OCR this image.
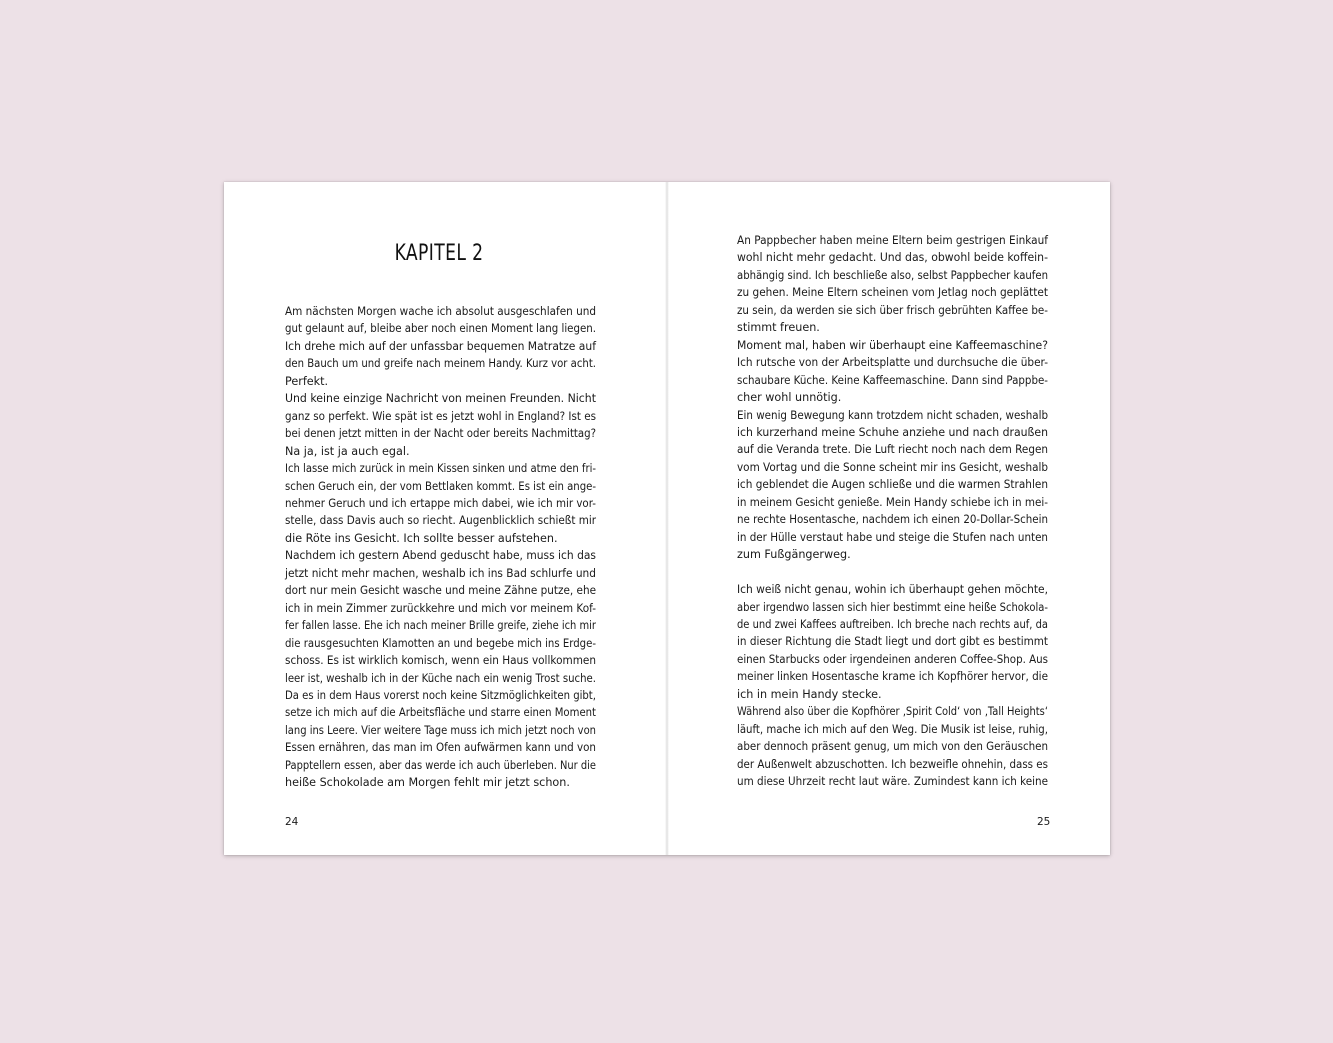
KAPITEL 2

Am nächsten Morgen wache ich absolut ausgeschlafen und

gut gelaunt auf, bleibe aber noch einen Moment lang liegen.

Ich drehe mich auf der unfassbar bequemen Matratze auf

den Bauch um und greife nach meinem Handy. Kurz vor acht.

Perfekt.

Und keine einzige Nachricht von meinen Freunden. Nicht

ganz so perfekt. Wie spät ist es jetzt wohl in England? Ist es

bei denen jetzt mitten in der Nacht oder bereits Nachmittag?

Na ja, ist ja auch egal.

Ich lasse mich zurück in mein Kissen sinken und atme den fri-

schen Geruch ein, der vom Bettlaken kommt. Es ist ein ange-

nehmer Geruch und ich ertappe mich dabei, wie ich mir vor-

stelle, dass Davis auch so riecht. Augenblicklich schießt mir

die Röte ins Gesicht. Ich sollte besser aufstehen.

Nachdem ich gestern Abend geduscht habe, muss ich das

jetzt nicht mehr machen, weshalb ich ins Bad schlurfe und

dort nur mein Gesicht wasche und meine Zähne putze, ehe

ich in mein Zimmer zurückkehre und mich vor meinem Kof-

fer fallen lasse. Ehe ich nach meiner Brille greife, ziehe ich mir

die rausgesuchten Klamotten an und begebe mich ins Erdge-

schoss. Es ist wirklich komisch, wenn ein Haus vollkommen

leer ist, weshalb ich in der Küche nach ein wenig Trost suche.

Da es in dem Haus vorerst noch keine Sitzmöglichkeiten gibt,

setze ich mich auf die Arbeitsfläche und starre einen Moment

lang ins Leere. Vier weitere Tage muss ich mich jetzt noch von

Essen ernähren, das man im Ofen aufwärmen kann und von

Papptellern essen, aber das werde ich auch überleben. Nur die

heiße Schokolade am Morgen fehlt mir jetzt schon.

24

An Pappbecher haben meine Eltern beim gestrigen Einkauf

wohl nicht mehr gedacht. Und das, obwohl beide koffein-

abhängig sind. Ich beschließe also, selbst Pappbecher kaufen

zu gehen. Meine Eltern scheinen vom Jetlag noch geplättet

zu sein, da werden sie sich über frisch gebrühten Kaffee be-

stimmt freuen.

Moment mal, haben wir überhaupt eine Kaffeemaschine?

Ich rutsche von der Arbeitsplatte und durchsuche die über-

schaubare Küche. Keine Kaffeemaschine. Dann sind Pappbe-

cher wohl unnötig.

Ein wenig Bewegung kann trotzdem nicht schaden, weshalb

ich kurzerhand meine Schuhe anziehe und nach draußen

auf die Veranda trete. Die Luft riecht noch nach dem Regen

vom Vortag und die Sonne scheint mir ins Gesicht, weshalb

ich geblendet die Augen schließe und die warmen Strahlen

in meinem Gesicht genieße. Mein Handy schiebe ich in mei-

ne rechte Hosentasche, nachdem ich einen 20-Dollar-Schein

in der Hülle verstaut habe und steige die Stufen nach unten

zum Fußgängerweg.

Ich weiß nicht genau, wohin ich überhaupt gehen möchte,

aber irgendwo lassen sich hier bestimmt eine heiße Schokola-

de und zwei Kaffees auftreiben. Ich breche nach rechts auf, da

in dieser Richtung die Stadt liegt und dort gibt es bestimmt

einen Starbucks oder irgendeinen anderen Coffee-Shop. Aus

meiner linken Hosentasche krame ich Kopfhörer hervor, die

ich in mein Handy stecke.

Während also über die Kopfhörer ‚Spirit Cold‘ von ‚Tall Heights‘

läuft, mache ich mich auf den Weg. Die Musik ist leise, ruhig,

aber dennoch präsent genug, um mich von den Geräuschen

der Außenwelt abzuschotten. Ich bezweifle ohnehin, dass es

um diese Uhrzeit recht laut wäre. Zumindest kann ich keine

25
